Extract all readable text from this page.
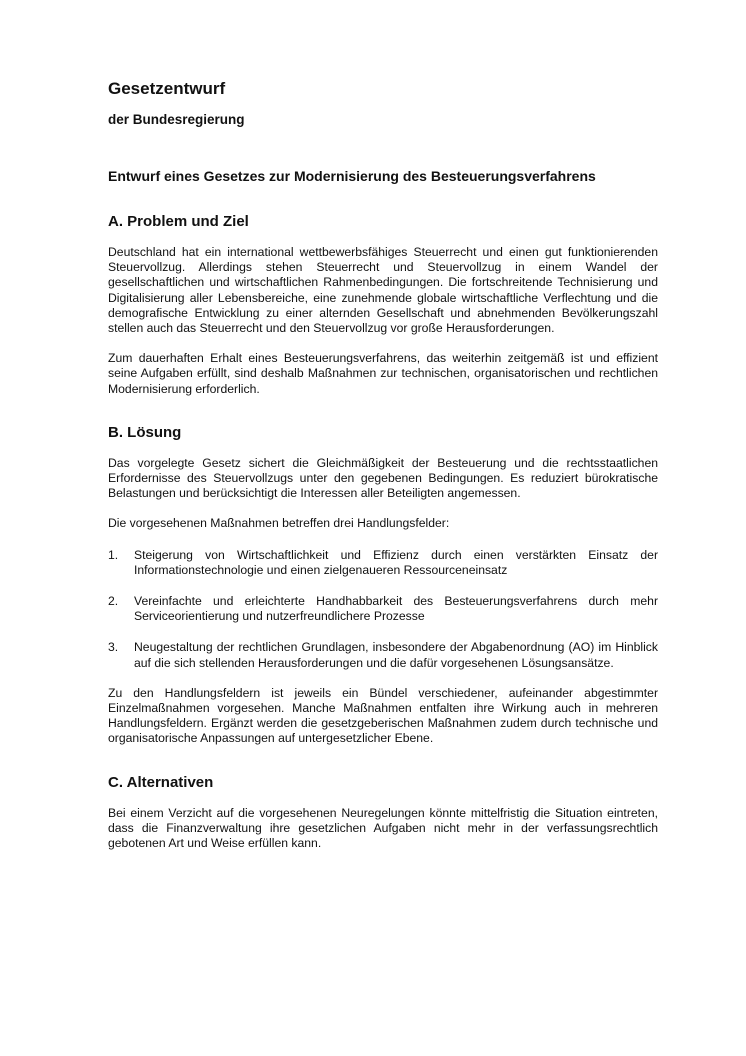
Gesetzentwurf
der Bundesregierung
Entwurf eines Gesetzes zur Modernisierung des Besteuerungsverfahrens
A. Problem und Ziel

Deutschland hat ein international wettbewerbsfähiges Steuerrecht und einen gut funktionierenden Steuervollzug. Allerdings stehen Steuerrecht und Steuervollzug in einem Wandel der gesellschaftlichen und wirtschaftlichen Rahmenbedingungen. Die fortschreitende Technisierung und Digitalisierung aller Lebensbereiche, eine zunehmende globale wirtschaftliche Verflechtung und die demografische Entwicklung zu einer alternden Gesellschaft und abnehmenden Bevölkerungszahl stellen auch das Steuerrecht und den Steuervollzug vor große Herausforderungen.

Zum dauerhaften Erhalt eines Besteuerungsverfahrens, das weiterhin zeitgemäß ist und effizient seine Aufgaben erfüllt, sind deshalb Maßnahmen zur technischen, organisatorischen und rechtlichen Modernisierung erforderlich.

B. Lösung

Das vorgelegte Gesetz sichert die Gleichmäßigkeit der Besteuerung und die rechtsstaatlichen Erfordernisse des Steuervollzugs unter den gegebenen Bedingungen. Es reduziert bürokratische Belastungen und berücksichtigt die Interessen aller Beteiligten angemessen.

Die vorgesehenen Maßnahmen betreffen drei Handlungsfelder:

1.	Steigerung von Wirtschaftlichkeit und Effizienz durch einen verstärkten Einsatz der Informationstechnologie und einen zielgenaueren Ressourceneinsatz
2.	Vereinfachte und erleichterte Handhabbarkeit des Besteuerungsverfahrens durch mehr Serviceorientierung und nutzerfreundlichere Prozesse
3.	Neugestaltung der rechtlichen Grundlagen, insbesondere der Abgabenordnung (AO) im Hinblick auf die sich stellenden Herausforderungen und die dafür vorgesehenen Lösungsansätze.

Zu den Handlungsfeldern ist jeweils ein Bündel verschiedener, aufeinander abgestimmter Einzelmaßnahmen vorgesehen. Manche Maßnahmen entfalten ihre Wirkung auch in mehreren Handlungsfeldern. Ergänzt werden die gesetzgeberischen Maßnahmen zudem durch technische und organisatorische Anpassungen auf untergesetzlicher Ebene.

C. Alternativen

Bei einem Verzicht auf die vorgesehenen Neuregelungen könnte mittelfristig die Situation eintreten, dass die Finanzverwaltung ihre gesetzlichen Aufgaben nicht mehr in der verfassungsrechtlich gebotenen Art und Weise erfüllen kann.
